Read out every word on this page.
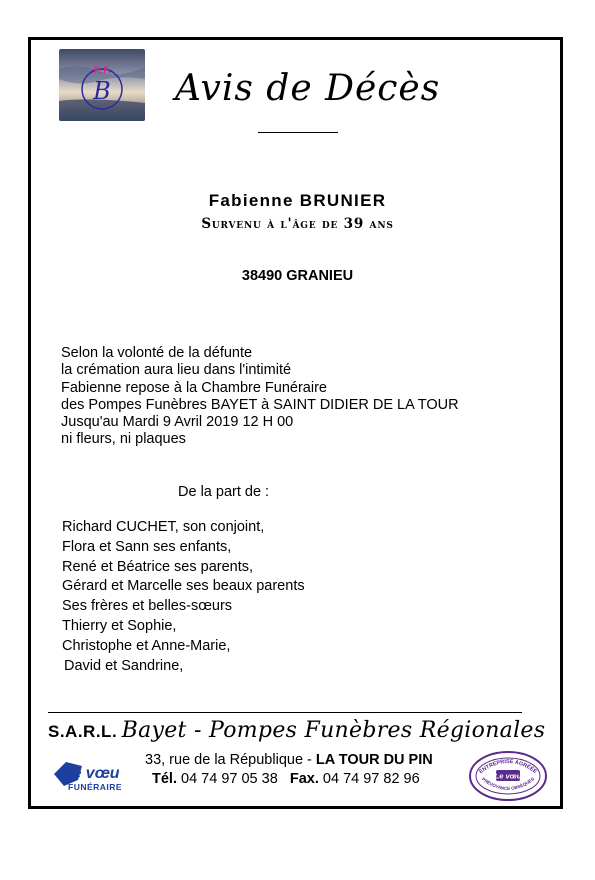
P. F.
B Avis de Décès
Fabienne BRUNIER
Survenu à l'âge de 39 ans
38490 GRANIEU
Selon la volonté de la défunte
la crémation aura lieu dans l'intimité
Fabienne repose à la Chambre Funéraire
des Pompes Funèbres BAYET à SAINT DIDIER DE LA TOUR
Jusqu'au Mardi 9 Avril 2019 12 H 00
ni fleurs, ni plaques
De la part de :
Richard CUCHET, son conjoint,
Flora et Sann ses enfants,
René et Béatrice ses parents,
Gérard et Marcelle ses beaux parents
Ses frères et belles-sœurs
Thierry et Sophie,
Christophe et Anne-Marie,
David et Sandrine,
S.A.R.L. Bayet - Pompes Funèbres Régionales
33, rue de la République - LA TOUR DU PIN
Tél. 04 74 97 05 38 Fax. 04 74 97 82 96
le vœu
FUNÉRAIRE
ENTREPRISE AGRÉÉE
PRÉVOYANCE OBSÈQUES
Le vœu
